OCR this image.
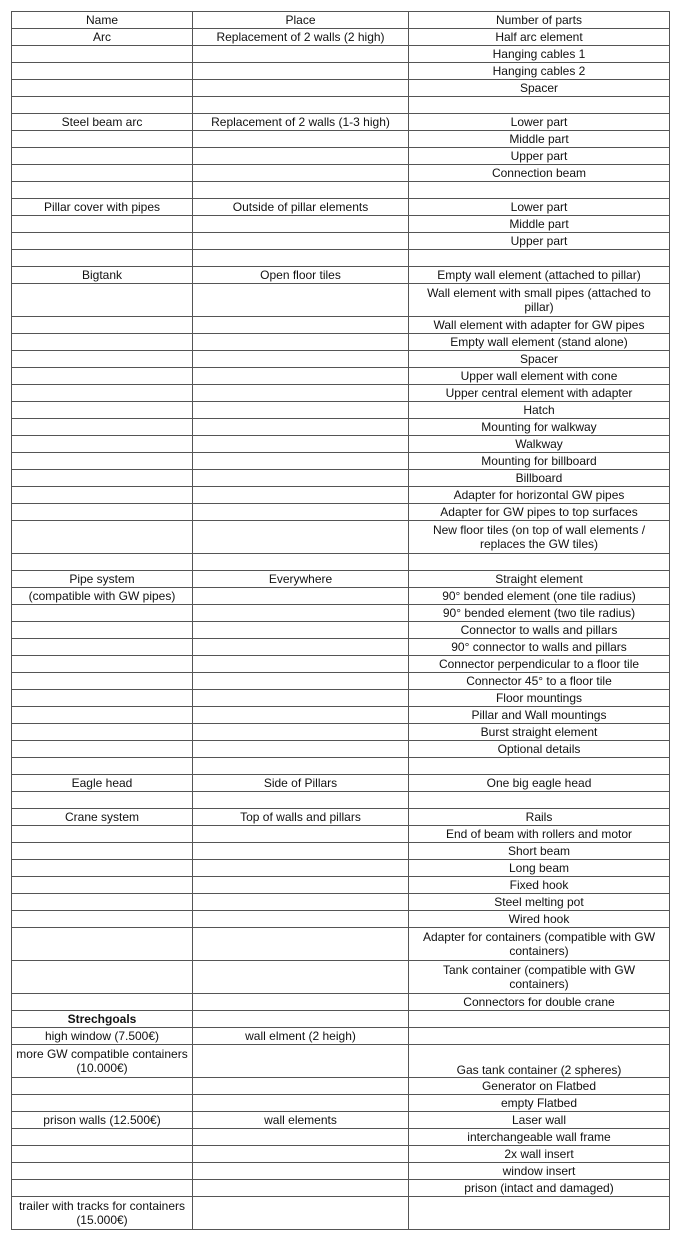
Name	Place	Number of parts
Arc	Replacement of 2 walls (2 high)	Half arc element
		Hanging cables 1
		Hanging cables 2
		Spacer

Steel beam arc	Replacement of 2 walls (1-3 high)	Lower part
		Middle part
		Upper part
		Connection beam

Pillar cover with pipes	Outside of pillar elements	Lower part
		Middle part
		Upper part

Bigtank	Open floor tiles	Empty wall element (attached to pillar)
		Wall element with small pipes (attached to pillar)
		Wall element with adapter for GW pipes
		Empty wall element (stand alone)
		Spacer
		Upper wall element with cone
		Upper central element with adapter
		Hatch
		Mounting for walkway
		Walkway
		Mounting for billboard
		Billboard
		Adapter for horizontal GW pipes
		Adapter for GW pipes to top surfaces
		New floor tiles (on top of wall elements / replaces the GW tiles)

Pipe system	Everywhere	Straight element
(compatible with GW pipes)		90° bended element (one tile radius)
		90° bended element (two tile radius)
		Connector to walls and pillars
		90° connector to walls and pillars
		Connector perpendicular to a floor tile
		Connector 45° to a floor tile
		Floor mountings
		Pillar and Wall mountings
		Burst straight element
		Optional details

Eagle head	Side of Pillars	One big eagle head

Crane system	Top of walls and pillars	Rails
		End of beam with rollers and motor
		Short beam
		Long beam
		Fixed hook
		Steel melting pot
		Wired hook
		Adapter for containers (compatible with GW containers)
		Tank container (compatible with GW containers)
		Connectors for double crane
Strechgoals		
high window (7.500€)	wall elment (2 heigh)	
more GW compatible containers (10.000€)		Gas tank container (2 spheres)
		Generator on Flatbed
		empty Flatbed
prison walls (12.500€)	wall elements	Laser wall
		interchangeable wall frame
		2x wall insert
		window insert
		prison (intact and damaged)
trailer with tracks for containers (15.000€)		
